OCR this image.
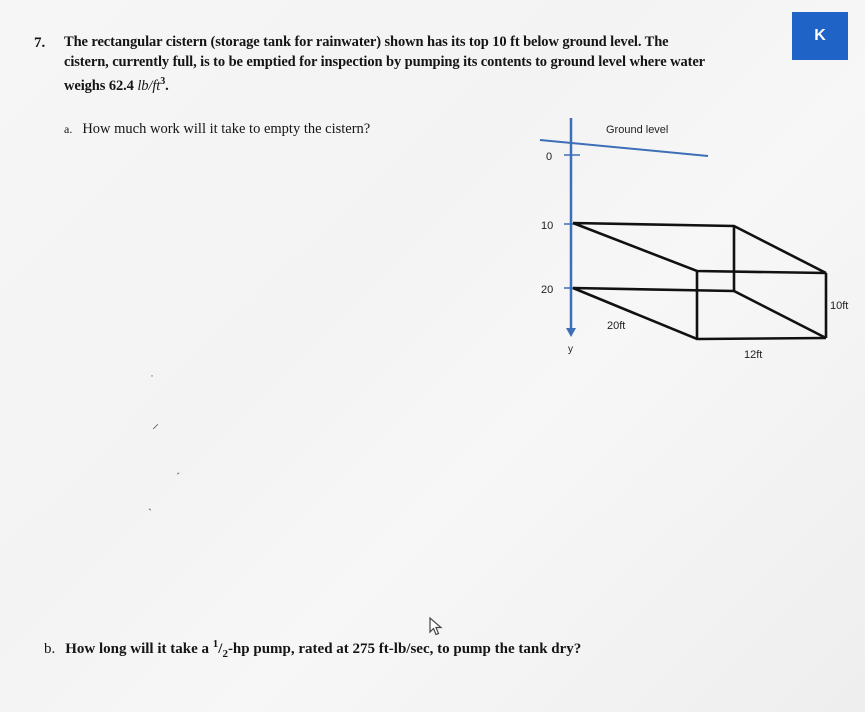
7. The rectangular cistern (storage tank for rainwater) shown has its top 10 ft below ground level. The
cistern, currently full, is to be emptied for inspection by pumping its contents to ground level where water
weighs 62.4 $lb/ft^3$.
K
a. How much work will it take to empty the cistern?
0
10
20
y
Ground level
20ft
12ft
10ft
˙
⸍
ˊ
ˎ
b. How long will it take a $^1/_2-hp$ pump, rated at 275 ft-lb/sec, to pump the tank dry?
